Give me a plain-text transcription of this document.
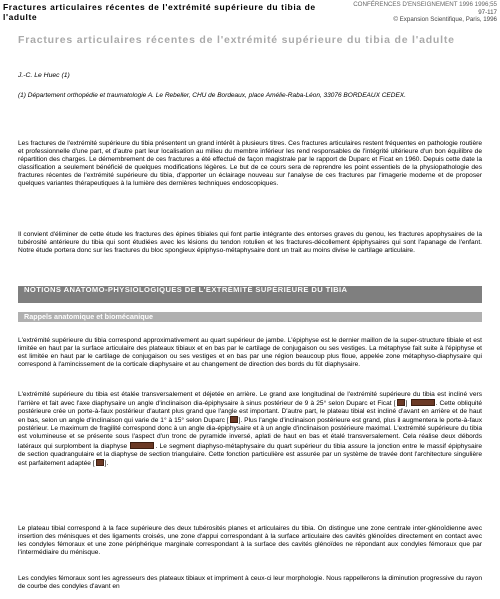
Fractures articulaires récentes de l'extrémité supérieure du tibia de l'adulte
CONFÉRENCES D'ENSEIGNEMENT 1996 1996;55
97-117
© Expansion Scientifique, Paris, 1996
Fractures articulaires récentes de l'extrémité supérieure du tibia de l'adulte
J.-C. Le Huec (1)
(1) Département orthopédie et traumatologie A. Le Rebeller, CHU de Bordeaux, place Amélie-Raba-Léon, 33076 BORDEAUX CEDEX.

Les fractures de l'extrémité supérieure du tibia présentent un grand intérêt à plusieurs titres. Ces fractures articulaires restent fréquentes en pathologie routière et professionnelle d'une part, et d'autre part leur localisation au milieu du membre inférieur les rend responsables de l'intégrité ultérieure d'un bon équilibre de répartition des charges. Le démembrement de ces fractures a été effectué de façon magistrale par le rapport de Duparc et Ficat en 1960. Depuis cette date la classification a seulement bénéficié de quelques modifications légères. Le but de ce cours sera de reprendre les point essentiels de la physiopathologie des fractures récentes de l'extrémité supérieure du tibia, d'apporter un éclairage nouveau sur l'analyse de ces fractures par l'imagerie moderne et de proposer quelques variantes thérapeutiques à la lumière des dernières techniques endoscopiques.

Il convient d'éliminer de cette étude les fractures des épines tibiales qui font partie intégrante des entorses graves du genou, les fractures apophysaires de la tubérosité antérieure du tibia qui sont étudiées avec les lésions du tendon rotulien et les fractures-décollement épiphysaires qui sont l'apanage de l'enfant. Notre étude portera donc sur les fractures du bloc spongieux épiphyso-métaphysaire dont un trait au moins divise le cartilage articulaire.

NOTIONS ANATOMO-PHYSIOLOGIQUES DE L'EXTRÉMITÉ SUPÉRIEURE DU TIBIA
Rappels anatomique et biomécanique

L'extrémité supérieure du tibia correspond approximativement au quart supérieur de jambe. L'épiphyse est le dernier maillon de la super-structure tibiale et est limitée en haut par la surface articulaire des plateaux tibiaux et en bas par le cartilage de conjugaison ou ses vestiges. La métaphyse fait suite à l'épiphyse et est limitée en haut par le cartilage de conjugaison ou ses vestiges et en bas par une région beaucoup plus floue, appelée zone métaphyso-diaphysaire qui correspond à l'amincissement de la corticale diaphysaire et au changement de direction des bords du fût diaphysaire.

L'extrémité supérieure du tibia est étalée transversalement et déjetée en arrière. Le grand axe longitudinal de l'extrémité supérieure du tibia est incliné vers l'arrière et fait avec l'axe diaphysaire un angle d'inclinaison dia-épiphysaire à sinus postérieur de 9 à 25° selon Duparc et Ficat [ ]	. Cette obliquité postérieure crée un porte-à-faux postérieur d'autant plus grand que l'angle est important. D'autre part, le plateau tibial est incliné d'avant en arrière et de haut en bas, selon un angle d'inclinaison qui varie de 1° à 15° selon Duparc [ ]. Plus l'angle d'inclinaison postérieure est grand, plus il augmentera le porte-à-faux postérieur. Le maximum de fragilité correspond donc à un angle dia-épiphysaire et à un angle d'inclinaison postérieure maximal. L'extrémité supérieure du tibia est volumineuse et se présente sous l'aspect d'un tronc de pyramide inversé, aplati de haut en bas et étalé transversalement. Cela réalise deux débords latéraux qui surplombent la diaphyse	. Le segment diaphyso-métaphysaire du quart supérieur du tibia assure la jonction entre le massif épiphysaire de section quadrangulaire et la diaphyse de section triangulaire. Cette fonction particulière est assurée par un système de travée dont l'architecture singulière est parfaitement adaptée [ ].

Le plateau tibial correspond à la face supérieure des deux tubérosités planes et articulaires du tibia. On distingue une zone centrale inter-glénoïdienne avec insertion des ménisques et des ligaments croisés, une zone d'appui correspondant à la surface articulaire des cavités glénoïdes directement en contact avec les condyles fémoraux et une zone périphérique marginale correspondant à la surface des cavités glénoïdes ne répondant aux condyles fémoraux que par l'intermédiaire du ménisque.

Les condyles fémoraux sont les agresseurs des plateaux tibiaux et impriment à ceux-ci leur morphologie. Nous rappellerons la diminution progressive du rayon de courbe des condyles d'avant en
